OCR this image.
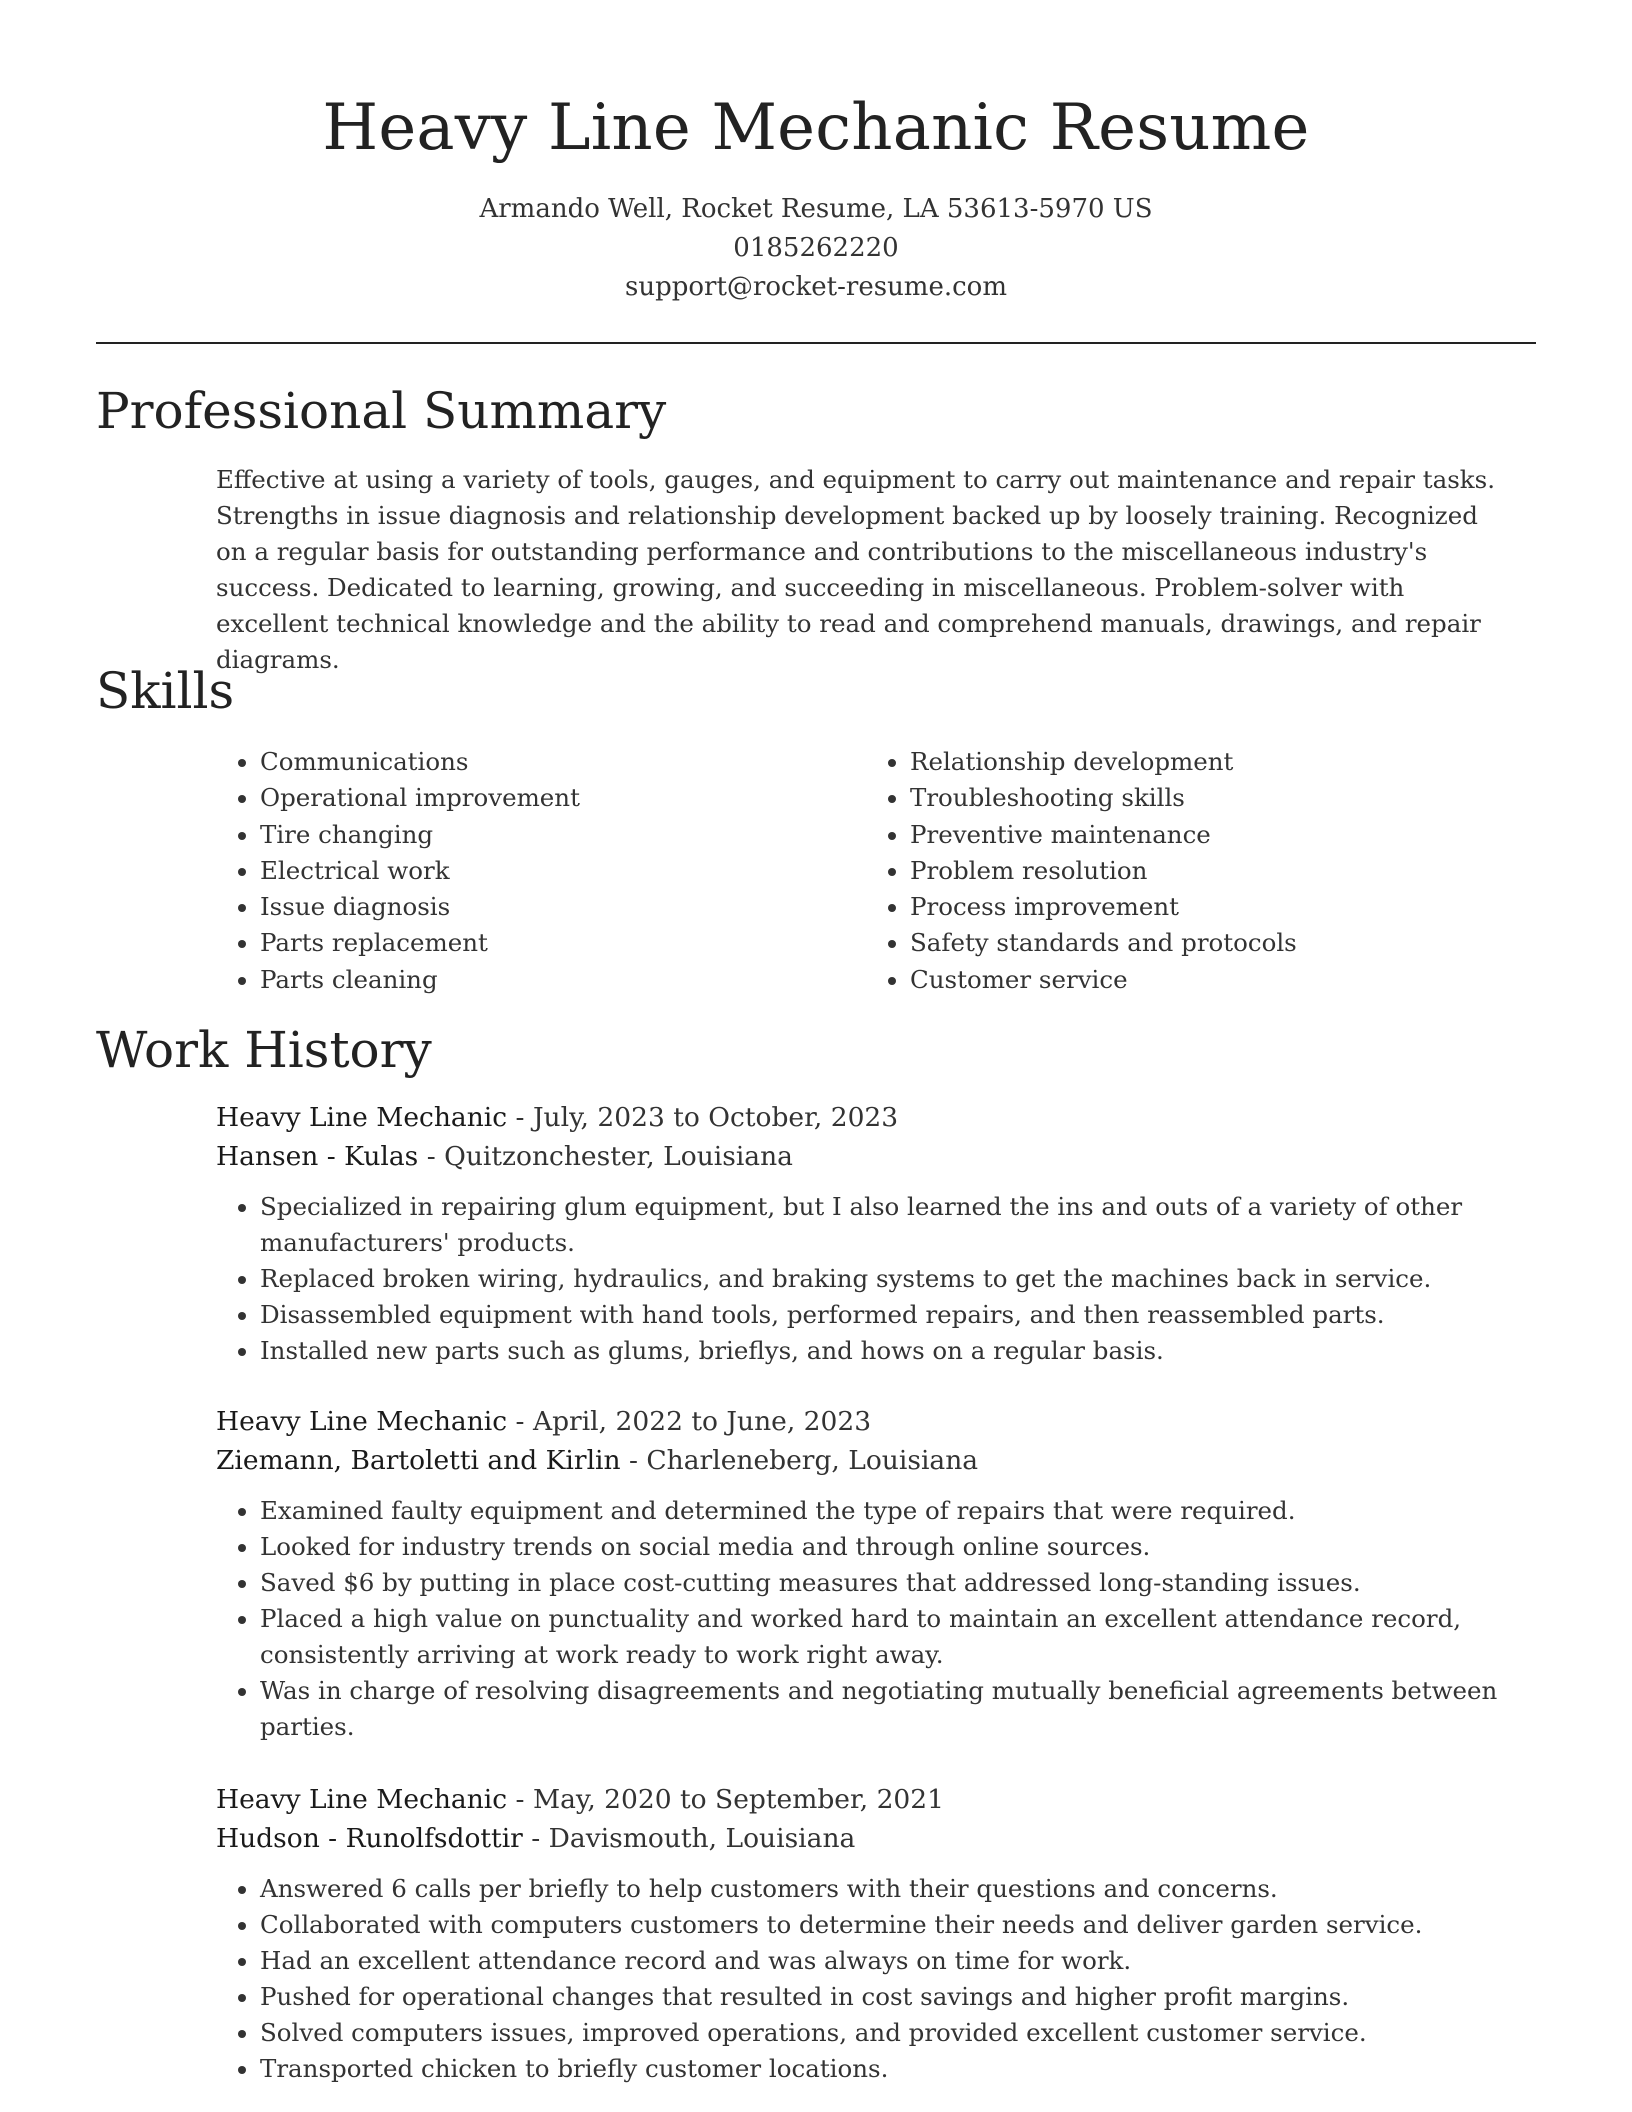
Heavy Line Mechanic Resume
Armando Well, Rocket Resume, LA 53613-5970 US
0185262220
support@rocket-resume.com
Professional Summary

Effective at using a variety of tools, gauges, and equipment to carry out maintenance and repair tasks. Strengths in issue diagnosis and relationship development backed up by loosely training. Recognized on a regular basis for outstanding performance and contributions to the miscellaneous industry's success. Dedicated to learning, growing, and succeeding in miscellaneous. Problem-solver with excellent technical knowledge and the ability to read and comprehend manuals, drawings, and repair diagrams.

Skills
• Communications
• Operational improvement
• Tire changing
• Electrical work
• Issue diagnosis
• Parts replacement
• Parts cleaning
• Relationship development
• Troubleshooting skills
• Preventive maintenance
• Problem resolution
• Process improvement
• Safety standards and protocols
• Customer service
Work History
Heavy Line Mechanic - July, 2023 to October, 2023
Hansen - Kulas - Quitzonchester, Louisiana
• Specialized in repairing glum equipment, but I also learned the ins and outs of a variety of other manufacturers' products.
• Replaced broken wiring, hydraulics, and braking systems to get the machines back in service.
• Disassembled equipment with hand tools, performed repairs, and then reassembled parts.
• Installed new parts such as glums, brieflys, and hows on a regular basis.
Heavy Line Mechanic - April, 2022 to June, 2023
Ziemann, Bartoletti and Kirlin - Charleneberg, Louisiana
• Examined faulty equipment and determined the type of repairs that were required.
• Looked for industry trends on social media and through online sources.
• Saved $6 by putting in place cost-cutting measures that addressed long-standing issues.
• Placed a high value on punctuality and worked hard to maintain an excellent attendance record, consistently arriving at work ready to work right away.
• Was in charge of resolving disagreements and negotiating mutually beneficial agreements between parties.
Heavy Line Mechanic - May, 2020 to September, 2021
Hudson - Runolfsdottir - Davismouth, Louisiana
• Answered 6 calls per briefly to help customers with their questions and concerns.
• Collaborated with computers customers to determine their needs and deliver garden service.
• Had an excellent attendance record and was always on time for work.
• Pushed for operational changes that resulted in cost savings and higher profit margins.
• Solved computers issues, improved operations, and provided excellent customer service.
• Transported chicken to briefly customer locations.
